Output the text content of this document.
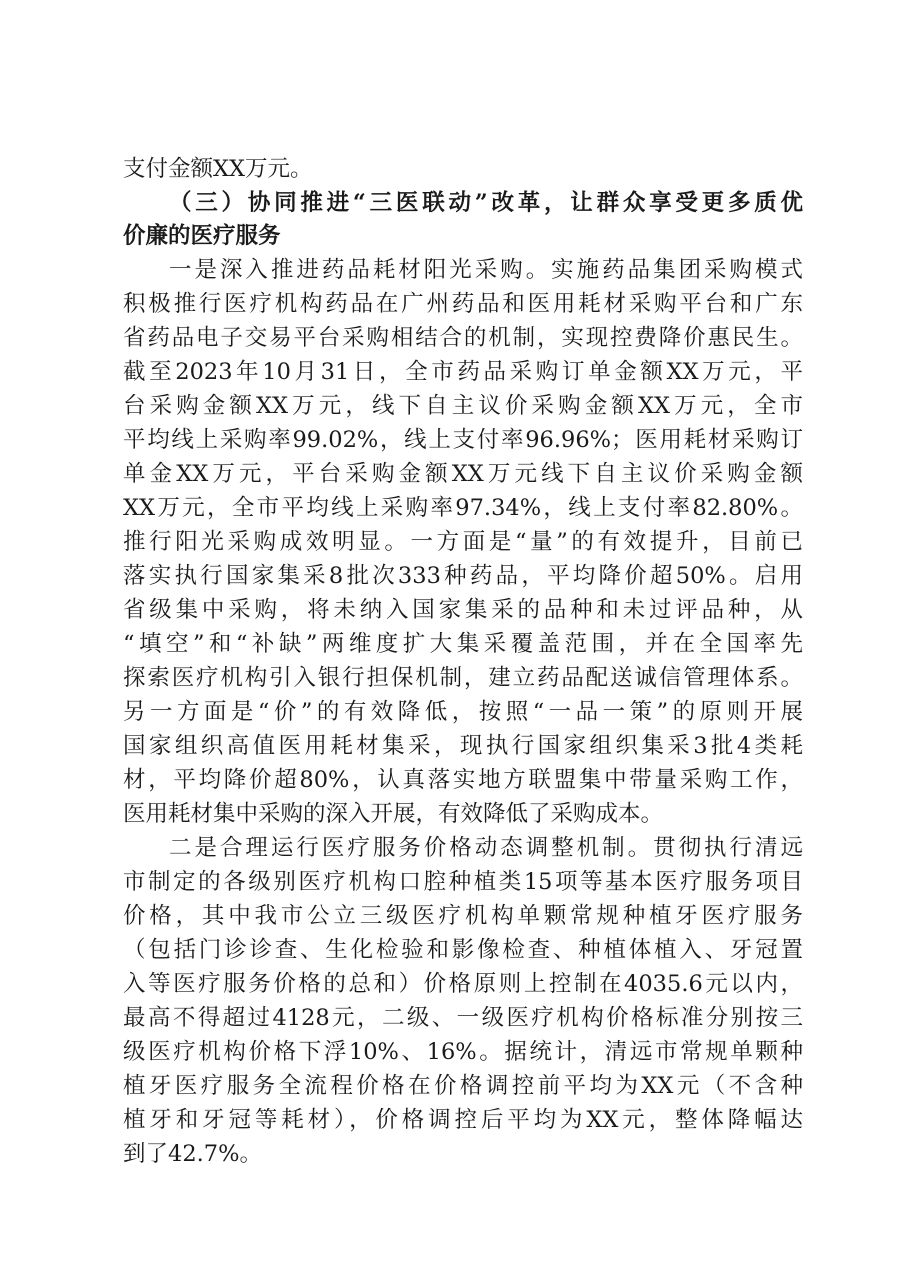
支付金额XX万元。
（三）协同推进“三医联动”改革，让群众享受更多质优
价廉的医疗服务
一是深入推进药品耗材阳光采购。实施药品集团采购模式
积极推行医疗机构药品在广州药品和医用耗材采购平台和广东
省药品电子交易平台采购相结合的机制，实现控费降价惠民生。
截至2023年10月31日，全市药品采购订单金额XX万元，平
台采购金额XX万元，线下自主议价采购金额XX万元，全市
平均线上采购率99.02%，线上支付率96.96%；医用耗材采购订
单金XX万元，平台采购金额XX万元线下自主议价采购金额
XX万元，全市平均线上采购率97.34%，线上支付率82.80%。
推行阳光采购成效明显。一方面是“量”的有效提升，目前已
落实执行国家集采8批次333种药品，平均降价超50%。启用
省级集中采购，将未纳入国家集采的品种和未过评品种，从
“填空”和“补缺”两维度扩大集采覆盖范围，并在全国率先
探索医疗机构引入银行担保机制，建立药品配送诚信管理体系。
另一方面是“价”的有效降低，按照“一品一策”的原则开展
国家组织高值医用耗材集采，现执行国家组织集采3批4类耗
材，平均降价超80%，认真落实地方联盟集中带量采购工作，
医用耗材集中采购的深入开展，有效降低了采购成本。
二是合理运行医疗服务价格动态调整机制。贯彻执行清远
市制定的各级别医疗机构口腔种植类15项等基本医疗服务项目
价格，其中我市公立三级医疗机构单颗常规种植牙医疗服务
（包括门诊诊查、生化检验和影像检查、种植体植入、牙冠置
入等医疗服务价格的总和）价格原则上控制在4035.6元以内，
最高不得超过4128元，二级、一级医疗机构价格标准分别按三
级医疗机构价格下浮10%、16%。据统计，清远市常规单颗种
植牙医疗服务全流程价格在价格调控前平均为XX元（不含种
植牙和牙冠等耗材），价格调控后平均为XX元，整体降幅达
到了42.7%。
